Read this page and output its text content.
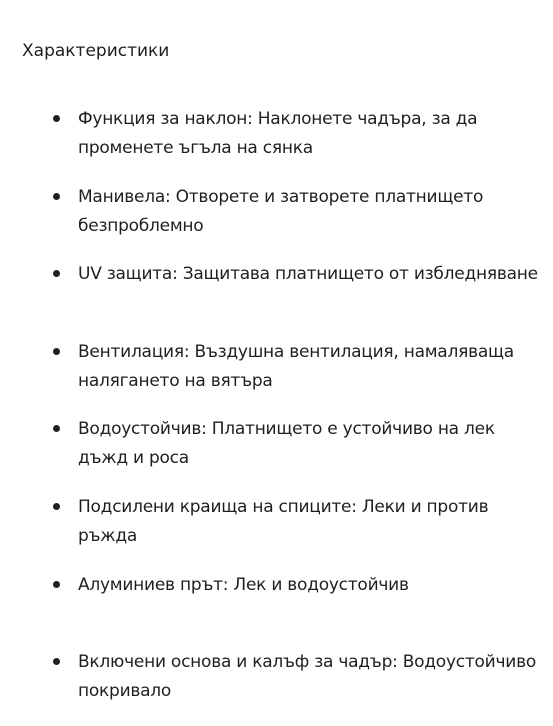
Характеристики
Функция за наклон: Наклонете чадъра, за да променете ъгъла на сянка
Манивела: Отворете и затворете платнището безпроблемно
UV защита: Защитава платнището от избледняване
Вентилация: Въздушна вентилация, намаляваща налягането на вятъра
Водоустойчив: Платнището е устойчиво на лек дъжд и роса
Подсилени краища на спиците: Леки и против ръжда
Алуминиев прът: Лек и водоустойчив
Включени основа и калъф за чадър: Водоустойчиво покривало
